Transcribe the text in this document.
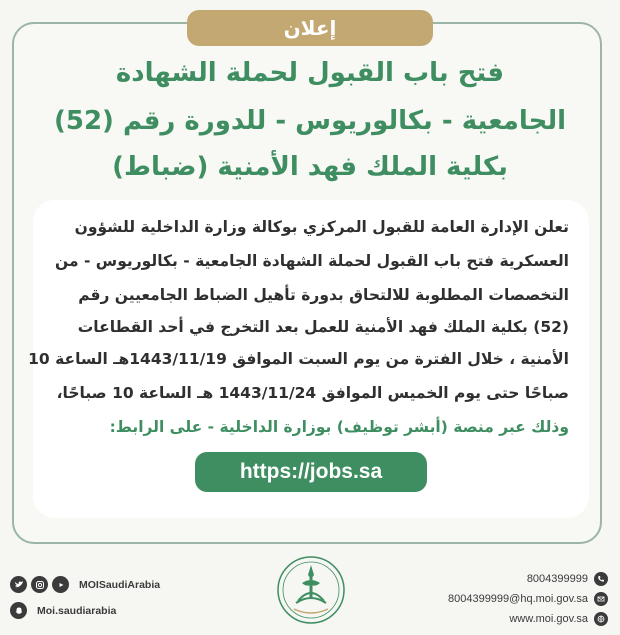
إعلان
فتح باب القبول لحملة الشهادة
الجامعية - بكالوريوس - للدورة رقم (52)
بكلية الملك فهد الأمنية (ضباط)
تعلن الإدارة العامة للقبول المركزي بوكالة وزارة الداخلية للشؤون
العسكرية فتح باب القبول لحملة الشهادة الجامعية - بكالوريوس - من
التخصصات المطلوبة للالتحاق بدورة تأهيل الضباط الجامعيين رقم
(52) بكلية الملك فهد الأمنية للعمل بعد التخرج في أحد القطاعات
الأمنية ، خلال الفترة من يوم السبت الموافق 1443/11/19هـ الساعة 10
صباحًا حتى يوم الخميس الموافق 1443/11/24 هـ الساعة 10 صباحًا،
وذلك عبر منصة (أبشر توظيف) بوزارة الداخلية - على الرابط:
https://jobs.sa
MOISaudiArabia
Moi.saudiarabia
8004399999
8004399999@hq.moi.gov.sa
www.moi.gov.sa
